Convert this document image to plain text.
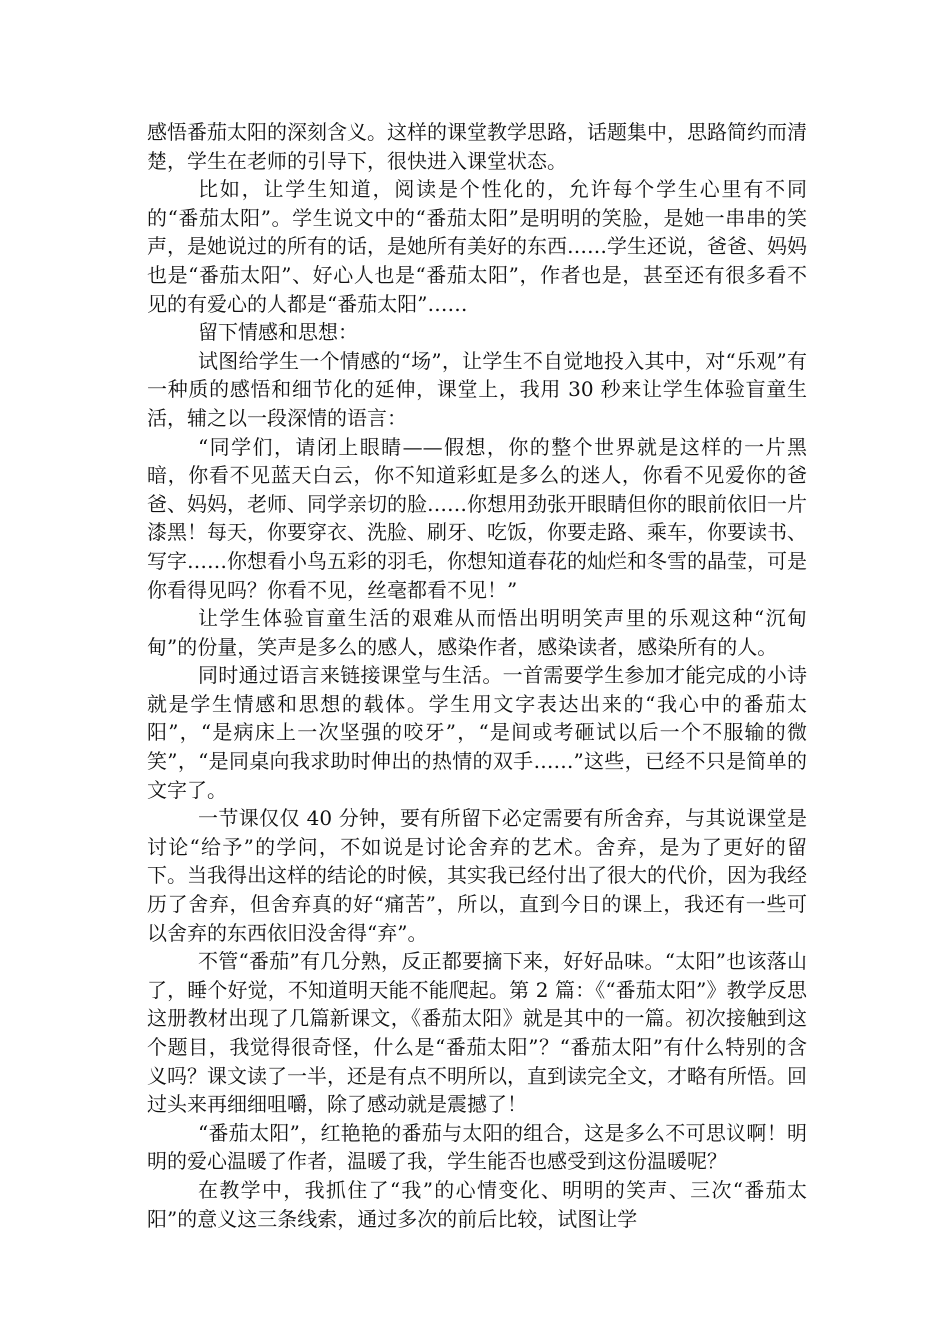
感悟番茄太阳的深刻含义。这样的课堂教学思路，话题集中，思路简约而清楚，学生在老师的引导下，很快进入课堂状态。

比如，让学生知道，阅读是个性化的，允许每个学生心里有不同的“番茄太阳”。学生说文中的“番茄太阳”是明明的笑脸，是她一串串的笑声，是她说过的所有的话，是她所有美好的东西……学生还说，爸爸、妈妈也是“番茄太阳”、好心人也是“番茄太阳”，作者也是，甚至还有很多看不见的有爱心的人都是“番茄太阳”……

留下情感和思想：

试图给学生一个情感的“场”，让学生不自觉地投入其中，对“乐观”有一种质的感悟和细节化的延伸，课堂上，我用 30 秒来让学生体验盲童生活，辅之以一段深情的语言：

“同学们，请闭上眼睛——假想，你的整个世界就是这样的一片黑暗，你看不见蓝天白云，你不知道彩虹是多么的迷人，你看不见爱你的爸爸、妈妈，老师、同学亲切的脸……你想用劲张开眼睛但你的眼前依旧一片漆黑！每天，你要穿衣、洗脸、刷牙、吃饭，你要走路、乘车，你要读书、写字……你想看小鸟五彩的羽毛，你想知道春花的灿烂和冬雪的晶莹，可是你看得见吗？你看不见，丝毫都看不见！”

让学生体验盲童生活的艰难从而悟出明明笑声里的乐观这种“沉甸甸”的份量，笑声是多么的感人，感染作者，感染读者，感染所有的人。

同时通过语言来链接课堂与生活。一首需要学生参加才能完成的小诗就是学生情感和思想的载体。学生用文字表达出来的“我心中的番茄太阳”，“是病床上一次坚强的咬牙”，“是间或考砸试以后一个不服输的微笑”，“是同桌向我求助时伸出的热情的双手……”这些，已经不只是简单的文字了。

一节课仅仅 40 分钟，要有所留下必定需要有所舍弃，与其说课堂是讨论“给予”的学问，不如说是讨论舍弃的艺术。舍弃，是为了更好的留下。当我得出这样的结论的时候，其实我已经付出了很大的代价，因为我经历了舍弃，但舍弃真的好“痛苦”，所以，直到今日的课上，我还有一些可以舍弃的东西依旧没舍得“弃”。

不管“番茄”有几分熟，反正都要摘下来，好好品味。“太阳”也该落山了，睡个好觉，不知道明天能不能爬起。第 2 篇：《“番茄太阳”》教学反思这册教材出现了几篇新课文，《番茄太阳》就是其中的一篇。初次接触到这个题目，我觉得很奇怪，什么是“番茄太阳”？“番茄太阳”有什么特别的含义吗？课文读了一半，还是有点不明所以，直到读完全文，才略有所悟。回过头来再细细咀嚼，除了感动就是震撼了！

“番茄太阳”，红艳艳的番茄与太阳的组合，这是多么不可思议啊！明明的爱心温暖了作者，温暖了我，学生能否也感受到这份温暖呢？

在教学中，我抓住了“我”的心情变化、明明的笑声、三次“番茄太阳”的意义这三条线索，通过多次的前后比较，试图让学
